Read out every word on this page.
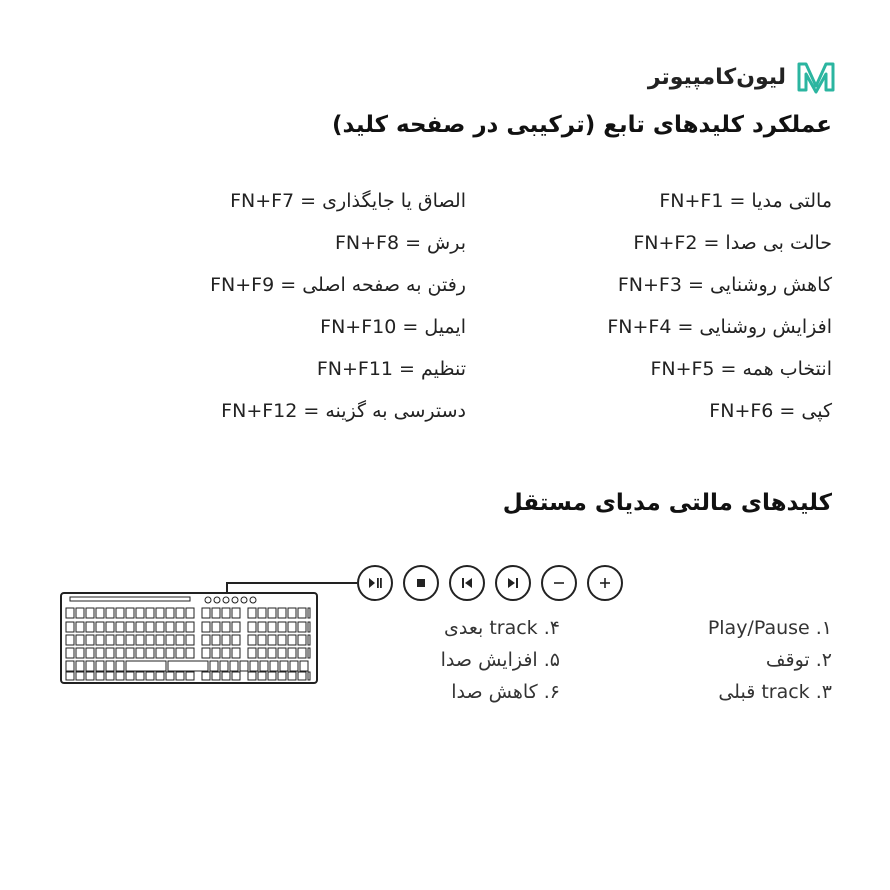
لیون‌کامپیوتر
عملکرد کلیدهای تابع (ترکیبی در صفحه کلید)
FN+F1 = مالتی مدیا
FN+F2 = حالت بی صدا
FN+F3 = کاهش روشنایی
FN+F4 = افزایش روشنایی
FN+F5 = انتخاب همه
FN+F6 = کپی
FN+F7 = الصاق یا جایگذاری
FN+F8 = برش
FN+F9 = رفتن به صفحه اصلی
FN+F10 = ایمیل
FN+F11 = تنظیم
FN+F12 = دسترسی به گزینه
کلیدهای مالتی مدیای مستقل
Play/Pause .۱
۲. توقف
۳. track قبلی
۴. track بعدی
۵. افزایش صدا
۶. کاهش صدا
